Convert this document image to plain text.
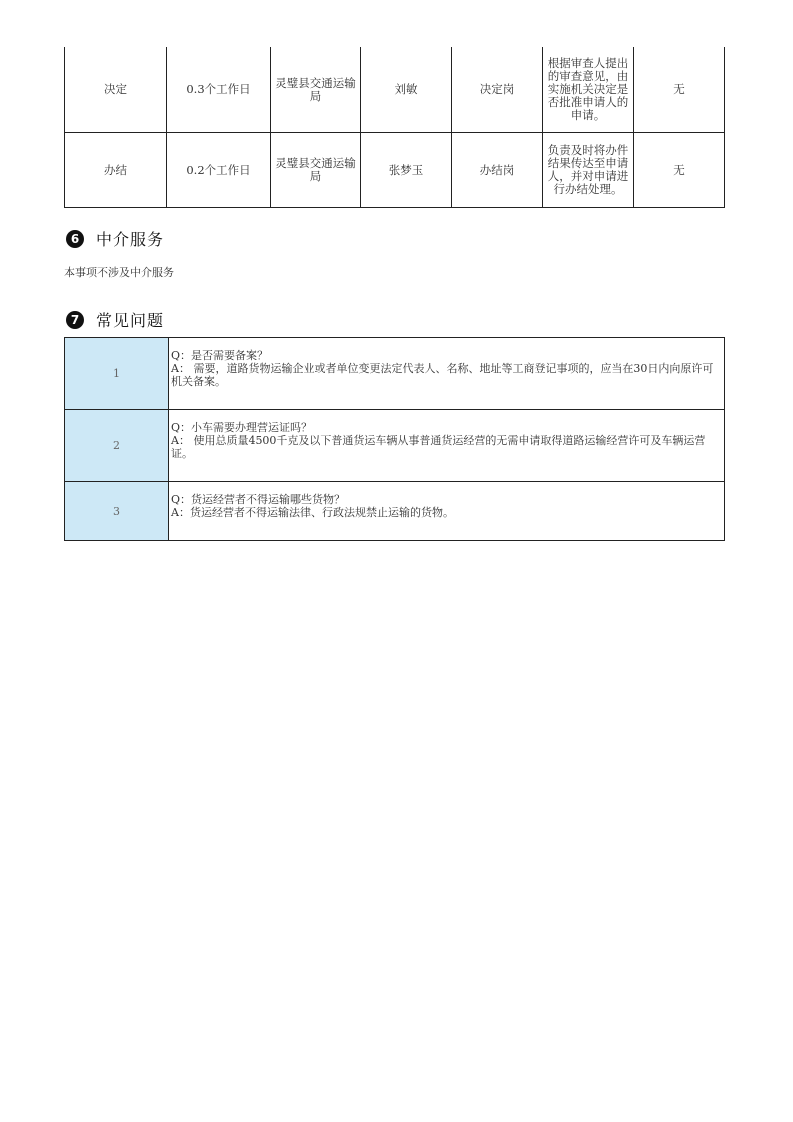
决定	0.3个工作日	灵璧县交通运输局	刘敏	决定岗	根据审查人提出的审查意见，由实施机关决定是否批准申请人的申请。	无
办结	0.2个工作日	灵璧县交通运输局	张梦玉	办结岗	负责及时将办件结果传达至申请人，并对申请进行办结处理。	无
6	中介服务
本事项不涉及中介服务
7	常见问题
1	Q：是否需要备案？
A： 需要，道路货物运输企业或者单位变更法定代表人、名称、地址等工商登记事项的，应当在30日内向原许可机关备案。

2	Q：小车需要办理营运证吗？
A： 使用总质量4500千克及以下普通货运车辆从事普通货运经营的无需申请取得道路运输经营许可及车辆运营证。

3	Q：货运经营者不得运输哪些货物？
A：货运经营者不得运输法律、行政法规禁止运输的货物。
